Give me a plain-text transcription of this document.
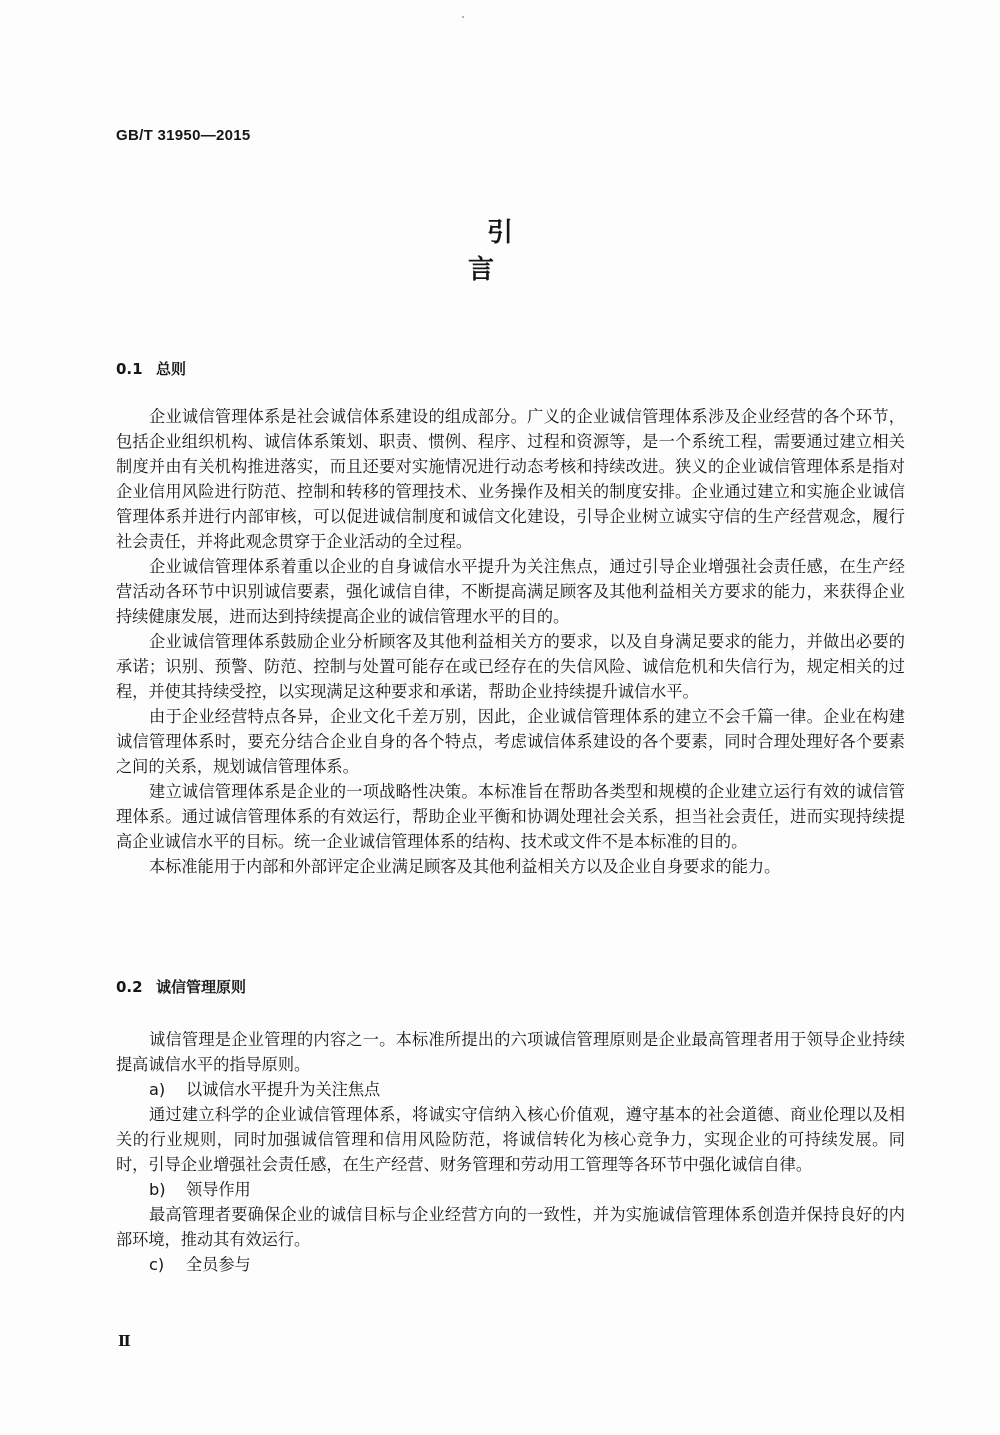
GB/T 31950—2015
引 言
0.1 总则

企业诚信管理体系是社会诚信体系建设的组成部分。广义的企业诚信管理体系涉及企业经营的各个环节，包括企业组织机构、诚信体系策划、职责、惯例、程序、过程和资源等，是一个系统工程，需要通过建立相关制度并由有关机构推进落实，而且还要对实施情况进行动态考核和持续改进。狭义的企业诚信管理体系是指对企业信用风险进行防范、控制和转移的管理技术、业务操作及相关的制度安排。企业通过建立和实施企业诚信管理体系并进行内部审核，可以促进诚信制度和诚信文化建设，引导企业树立诚实守信的生产经营观念，履行社会责任，并将此观念贯穿于企业活动的全过程。

企业诚信管理体系着重以企业的自身诚信水平提升为关注焦点，通过引导企业增强社会责任感，在生产经营活动各环节中识别诚信要素，强化诚信自律，不断提高满足顾客及其他利益相关方要求的能力，来获得企业持续健康发展，进而达到持续提高企业的诚信管理水平的目的。

企业诚信管理体系鼓励企业分析顾客及其他利益相关方的要求，以及自身满足要求的能力，并做出必要的承诺；识别、预警、防范、控制与处置可能存在或已经存在的失信风险、诚信危机和失信行为，规定相关的过程，并使其持续受控，以实现满足这种要求和承诺，帮助企业持续提升诚信水平。

由于企业经营特点各异，企业文化千差万别，因此，企业诚信管理体系的建立不会千篇一律。企业在构建诚信管理体系时，要充分结合企业自身的各个特点，考虑诚信体系建设的各个要素，同时合理处理好各个要素之间的关系，规划诚信管理体系。

建立诚信管理体系是企业的一项战略性决策。本标准旨在帮助各类型和规模的企业建立运行有效的诚信管理体系。通过诚信管理体系的有效运行，帮助企业平衡和协调处理社会关系，担当社会责任，进而实现持续提高企业诚信水平的目标。统一企业诚信管理体系的结构、技术或文件不是本标准的目的。

本标准能用于内部和外部评定企业满足顾客及其他利益相关方以及企业自身要求的能力。

0.2 诚信管理原则

诚信管理是企业管理的内容之一。本标准所提出的六项诚信管理原则是企业最高管理者用于领导企业持续提高诚信水平的指导原则。

a) 以诚信水平提升为关注焦点

通过建立科学的企业诚信管理体系，将诚实守信纳入核心价值观，遵守基本的社会道德、商业伦理以及相关的行业规则，同时加强诚信管理和信用风险防范，将诚信转化为核心竞争力，实现企业的可持续发展。同时，引导企业增强社会责任感，在生产经营、财务管理和劳动用工管理等各环节中强化诚信自律。

b) 领导作用

最高管理者要确保企业的诚信目标与企业经营方向的一致性，并为实施诚信管理体系创造并保持良好的内部环境，推动其有效运行。

c) 全员参与

Ⅱ
